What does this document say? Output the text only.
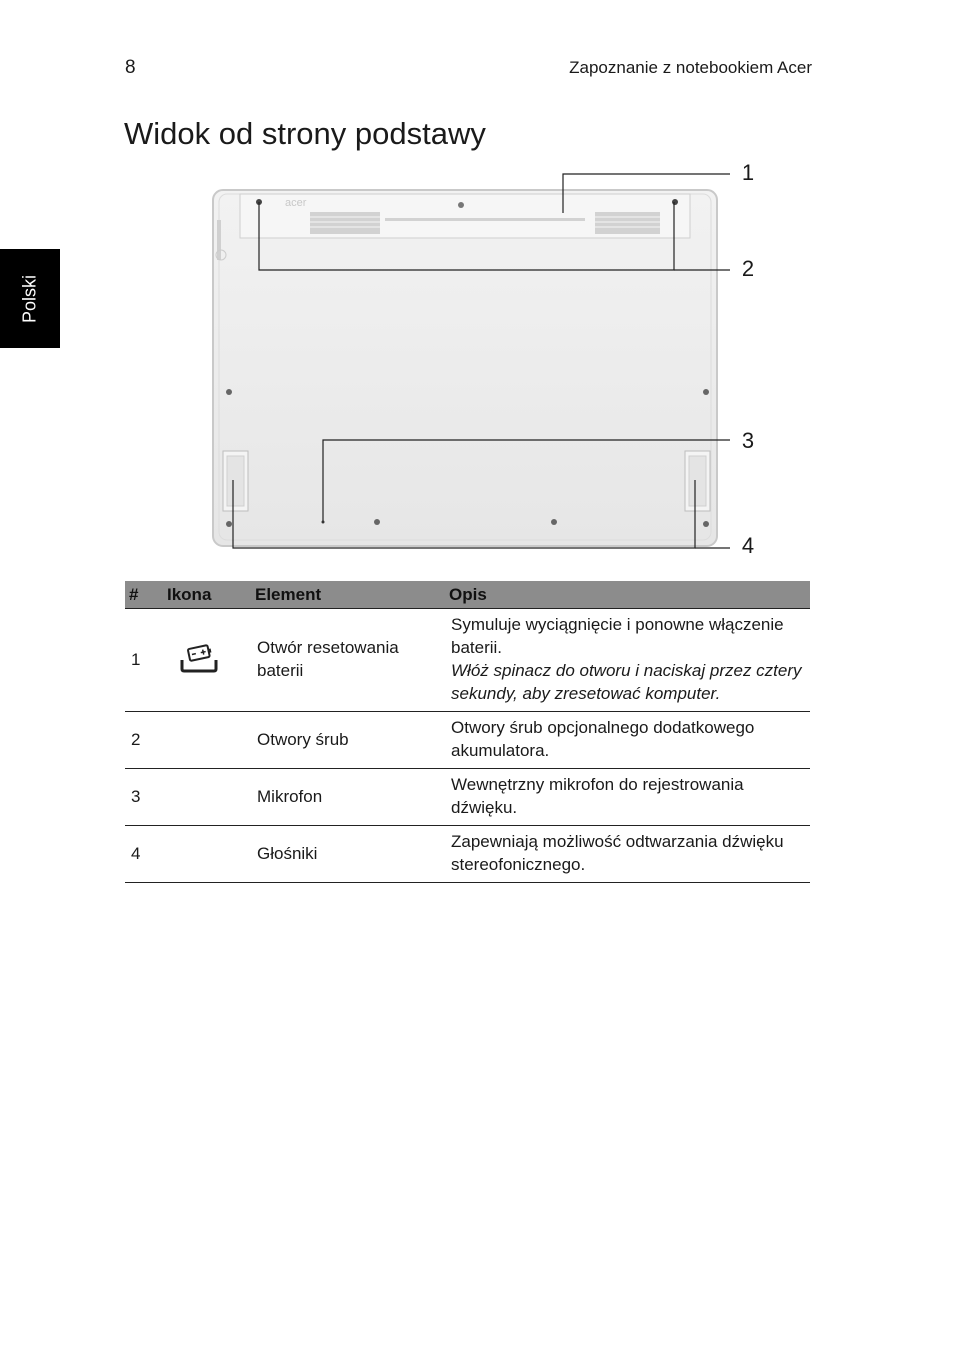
8	Zapoznanie z notebookiem Acer
Polski
Widok od strony podstawy
acer
1
2
3
4
#	Ikona	Element	Opis
1		Otwór resetowania baterii	Symuluje wyciągnięcie i ponowne włączenie baterii.
Włóż spinacz do otworu i naciskaj przez cztery sekundy, aby zresetować komputer.

2		Otwory śrub	Otwory śrub opcjonalnego dodatkowego akumulatora.
3		Mikrofon	Wewnętrzny mikrofon do rejestrowania dźwięku.
4		Głośniki	Zapewniają możliwość odtwarzania dźwięku stereofonicznego.
